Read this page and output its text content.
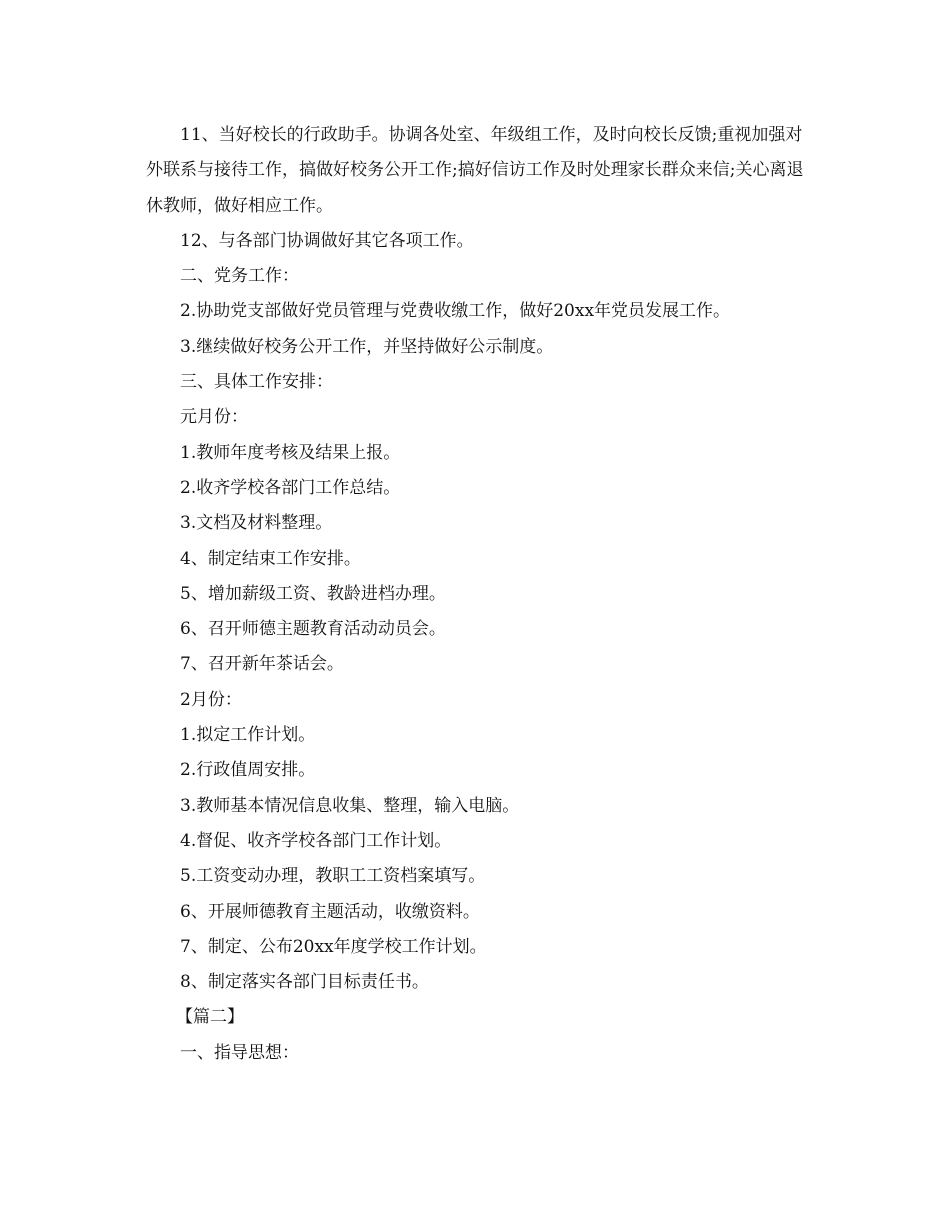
11、当好校长的行政助手。协调各处室、年级组工作，及时向校长反馈;重视加强对外联系与接待工作，搞做好校务公开工作;搞好信访工作及时处理家长群众来信;关心离退休教师，做好相应工作。

12、与各部门协调做好其它各项工作。

二、党务工作：

2.协助党支部做好党员管理与党费收缴工作，做好20xx年党员发展工作。

3.继续做好校务公开工作，并坚持做好公示制度。

三、具体工作安排：

元月份：

1.教师年度考核及结果上报。

2.收齐学校各部门工作总结。

3.文档及材料整理。

4、制定结束工作安排。

5、增加薪级工资、教龄进档办理。

6、召开师德主题教育活动动员会。

7、召开新年茶话会。

2月份：

1.拟定工作计划。

2.行政值周安排。

3.教师基本情况信息收集、整理，输入电脑。

4.督促、收齐学校各部门工作计划。

5.工资变动办理，教职工工资档案填写。

6、开展师德教育主题活动，收缴资料。

7、制定、公布20xx年度学校工作计划。

8、制定落实各部门目标责任书。

【篇二】

一、指导思想：
